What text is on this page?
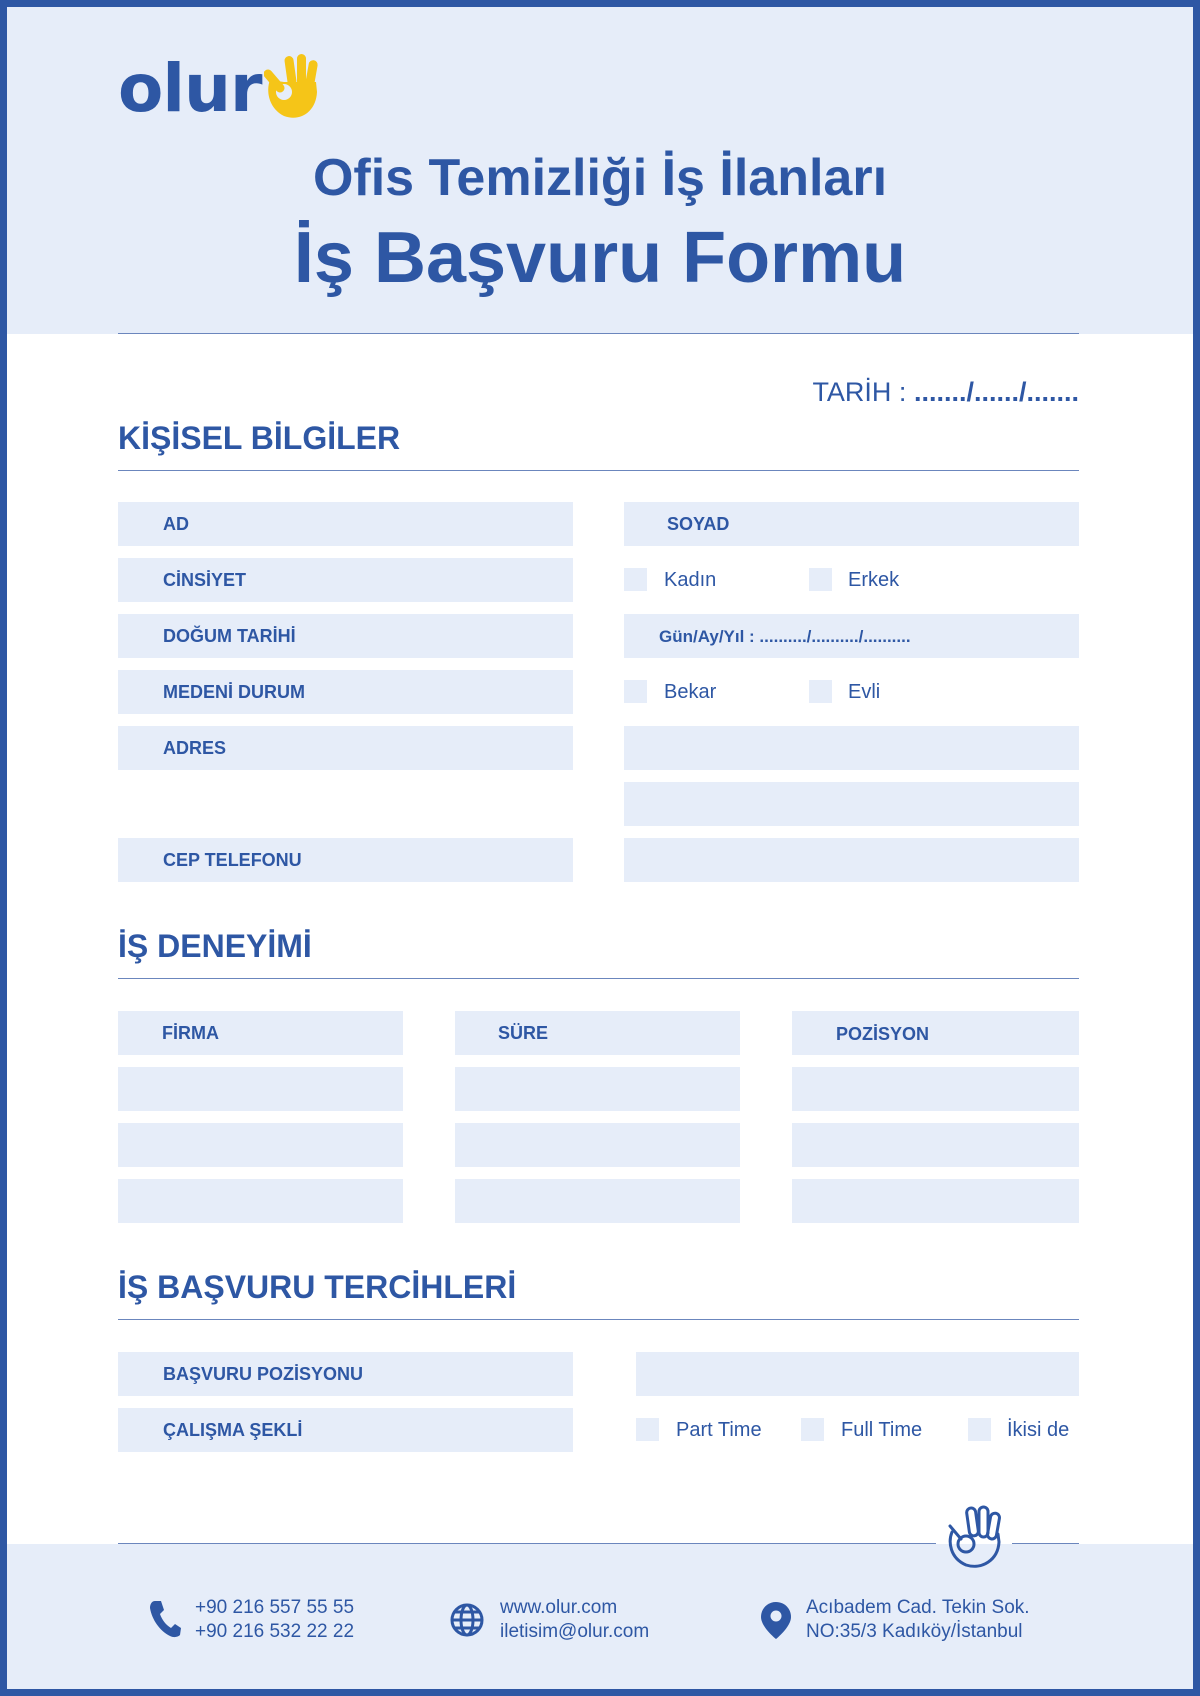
olur
Ofis Temizliği İş İlanları
İş Başvuru Formu
TARİH : ......./....../.......
KİŞİSEL BİLGİLER
AD	SOYAD
CİNSİYET	Kadın	Erkek
DOĞUM TARİHİ	Gün/Ay/Yıl : ........../........../..........
MEDENİ DURUM	Bekar	Evli
ADRES
CEP TELEFONU
İŞ DENEYİMİ
FİRMA	SÜRE	POZİSYON
İŞ BAŞVURU TERCİHLERİ
BAŞVURU POZİSYONU
ÇALIŞMA ŞEKLİ	Part Time	Full Time	İkisi de
+90 216 557 55 55
+90 216 532 22 22
www.olur.com
iletisim@olur.com
Acıbadem Cad. Tekin Sok.
NO:35/3 Kadıköy/İstanbul
